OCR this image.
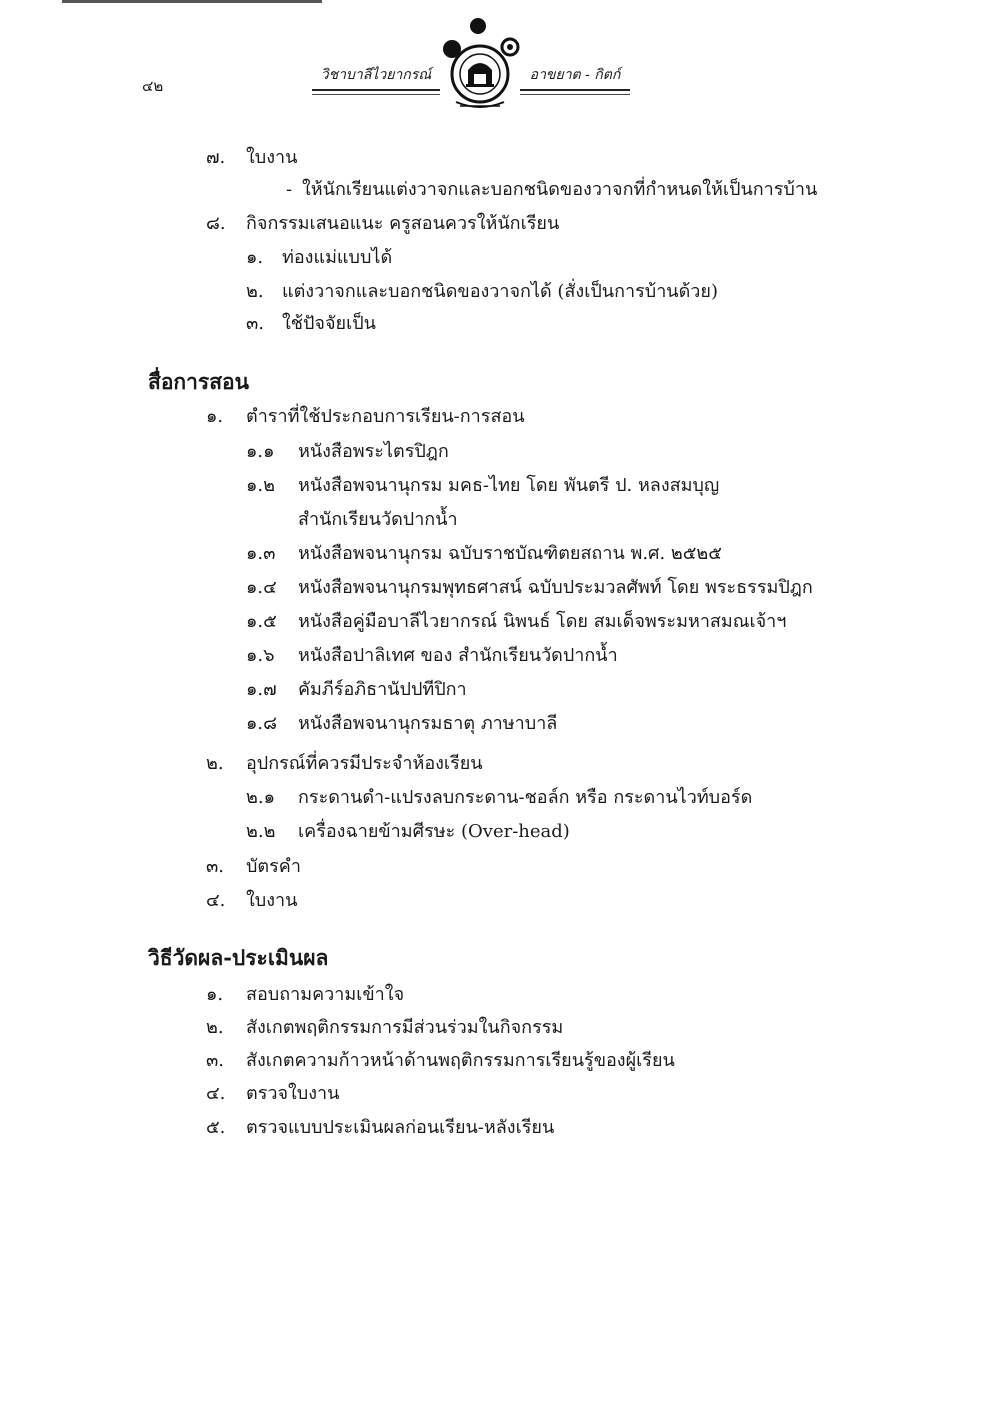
๔๒
วิชาบาลีไวยากรณ์	อาขยาต - กิตก์
๗. ใบงาน
- ให้นักเรียนแต่งวาจกและบอกชนิดของวาจกที่กำหนดให้เป็นการบ้าน
๘. กิจกรรมเสนอแนะ ครูสอนควรให้นักเรียน
๑. ท่องแม่แบบได้
๒. แต่งวาจกและบอกชนิดของวาจกได้ (สั่งเป็นการบ้านด้วย)
๓. ใช้ปัจจัยเป็น
สื่อการสอน
๑. ตำราที่ใช้ประกอบการเรียน-การสอน
๑.๑ หนังสือพระไตรปิฎก
๑.๒ หนังสือพจนานุกรม มคธ-ไทย โดย พันตรี ป. หลงสมบุญ
สำนักเรียนวัดปากน้ำ
๑.๓ หนังสือพจนานุกรม ฉบับราชบัณฑิตยสถาน พ.ศ. ๒๕๒๕
๑.๔ หนังสือพจนานุกรมพุทธศาสน์ ฉบับประมวลศัพท์ โดย พระธรรมปิฎก
๑.๕ หนังสือคู่มือบาลีไวยากรณ์ นิพนธ์ โดย สมเด็จพระมหาสมณเจ้าฯ
๑.๖ หนังสือปาลิเทศ ของ สำนักเรียนวัดปากน้ำ
๑.๗ คัมภีร์อภิธานัปปทีปิกา
๑.๘ หนังสือพจนานุกรมธาตุ ภาษาบาลี
๒. อุปกรณ์ที่ควรมีประจำห้องเรียน
๒.๑ กระดานดำ-แปรงลบกระดาน-ชอล์ก หรือ กระดานไวท์บอร์ด
๒.๒ เครื่องฉายข้ามศีรษะ (Over-head)
๓. บัตรคำ
๔. ใบงาน
วิธีวัดผล-ประเมินผล
๑. สอบถามความเข้าใจ
๒. สังเกตพฤติกรรมการมีส่วนร่วมในกิจกรรม
๓. สังเกตความก้าวหน้าด้านพฤติกรรมการเรียนรู้ของผู้เรียน
๔. ตรวจใบงาน
๕. ตรวจแบบประเมินผลก่อนเรียน-หลังเรียน
